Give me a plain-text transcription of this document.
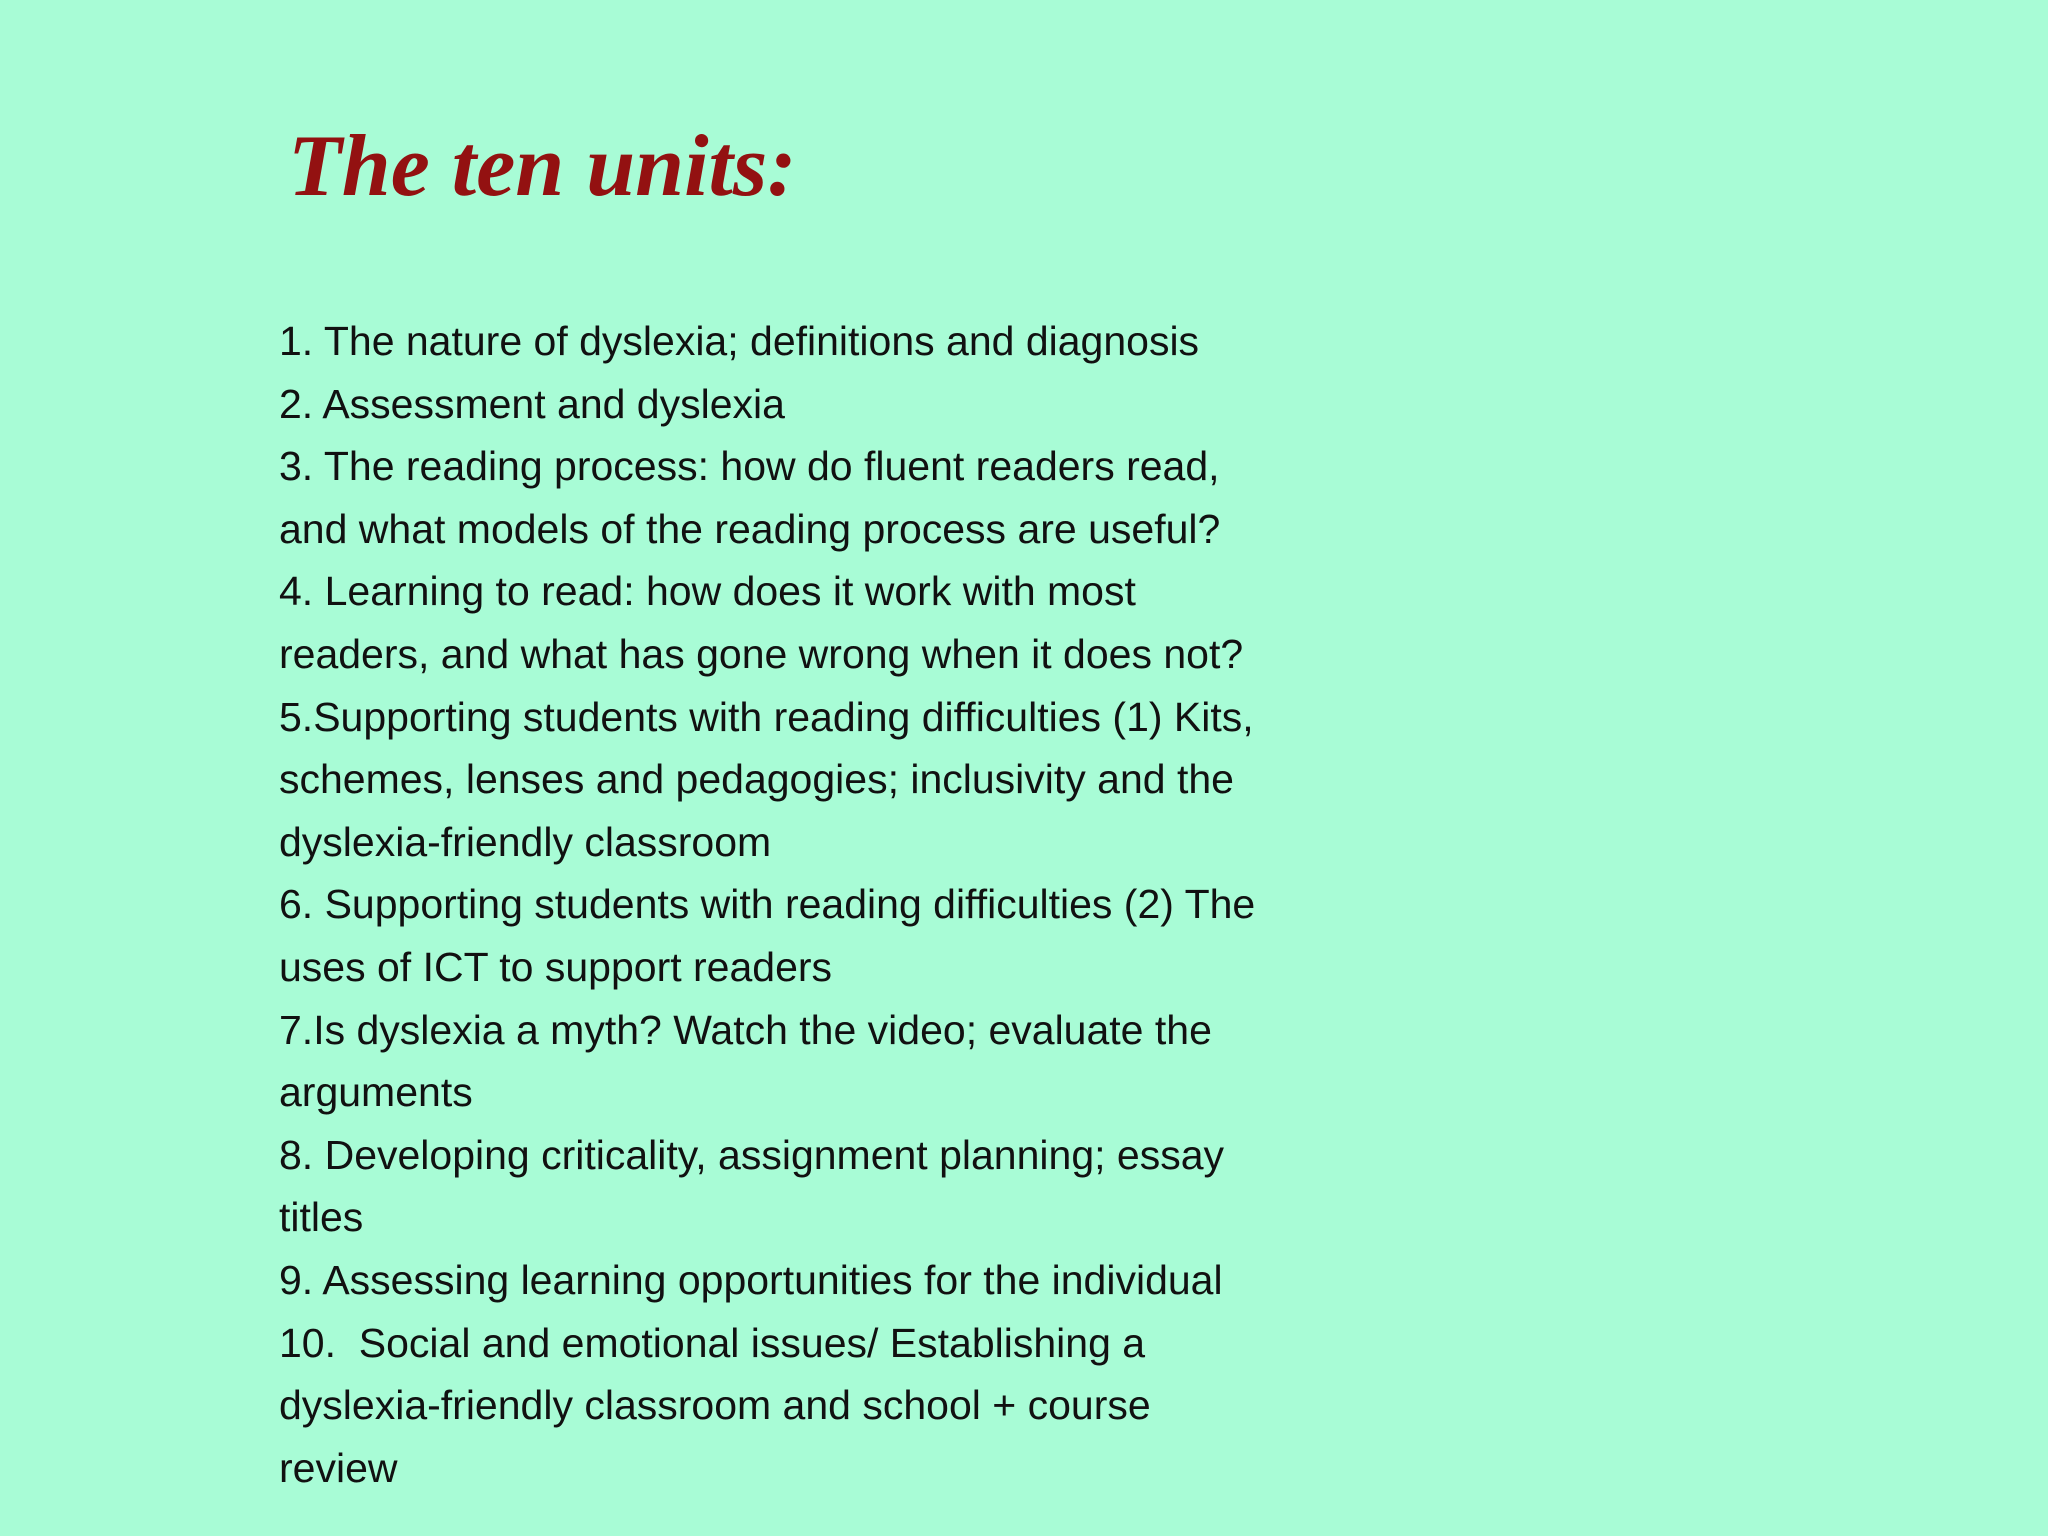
The ten units:
1. The nature of dyslexia; definitions and diagnosis
2. Assessment and dyslexia
3. The reading process: how do fluent readers read,
and what models of the reading process are useful?
4. Learning to read: how does it work with most
readers, and what has gone wrong when it does not?
5.Supporting students with reading difficulties (1) Kits,
schemes, lenses and pedagogies; inclusivity and the
dyslexia-friendly classroom
6. Supporting students with reading difficulties (2) The
uses of ICT to support readers
7.Is dyslexia a myth? Watch the video; evaluate the
arguments
8. Developing criticality, assignment planning; essay
titles
9. Assessing learning opportunities for the individual
10.  Social and emotional issues/ Establishing a
dyslexia-friendly classroom and school + course
review
